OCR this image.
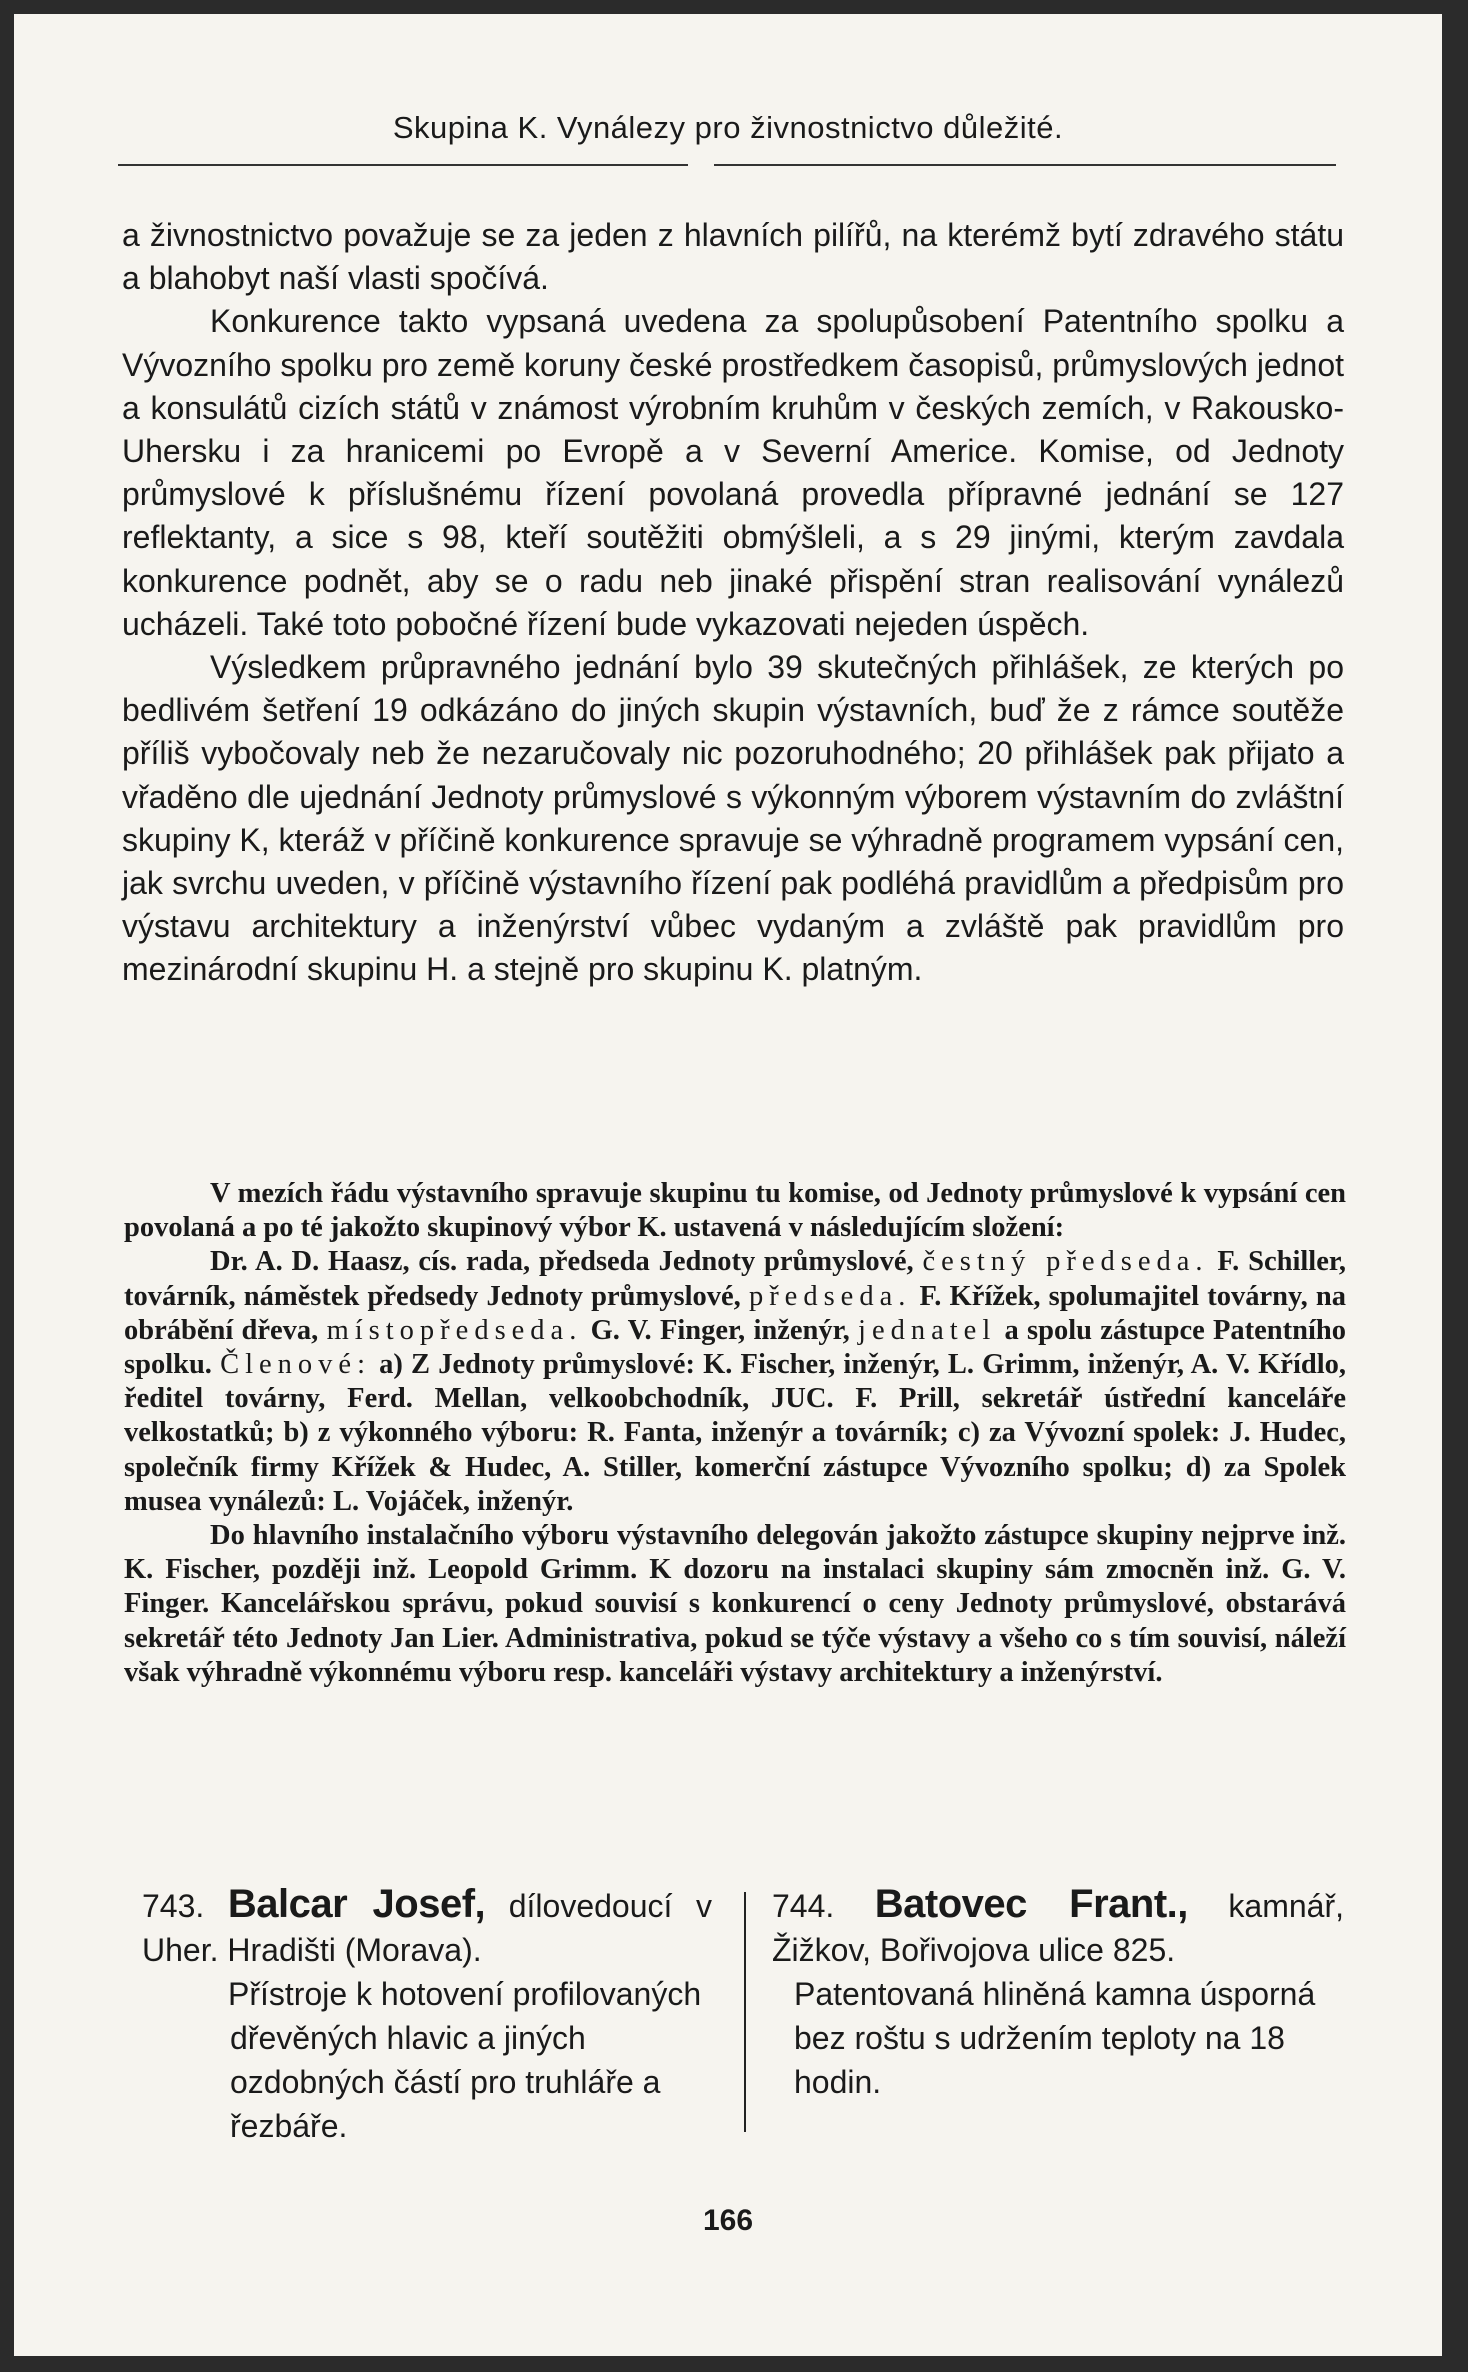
Skupina K. Vynálezy pro živnostnictvo důležité.

a živnostnictvo považuje se za jeden z hlavních pilířů, na kterémž bytí zdravého státu a blahobyt naší vlasti spočívá.

Konkurence takto vypsaná uvedena za spolupůsobení Patentního spolku a Vývozního spolku pro země koruny české prostředkem časopisů, průmyslových jednot a konsulátů cizích států v známost výrobním kruhům v českých zemích, v Rakousko- Uhersku i za hranicemi po Evropě a v Severní Americe. Komise, od Jednoty průmyslové k příslušnému řízení povolaná provedla přípravné jednání se 127 reflektanty, a sice s 98, kteří soutěžiti obmýšleli, a s 29 jinými, kterým zavdala konkurence podnět, aby se o radu neb jinaké přispění stran realisování vynálezů ucházeli. Také toto pobočné řízení bude vykazovati nejeden úspěch.

Výsledkem průpravného jednání bylo 39 skutečných přihlášek, ze kterých po bedlivém šetření 19 odkázáno do jiných skupin výstavních, buď že z rámce soutěže příliš vybočovaly neb že nezaručovaly nic pozoruhodného; 20 přihlášek pak přijato a vřaděno dle ujednání Jednoty průmyslové s výkonným výborem výstavním do zvláštní skupiny K, kteráž v příčině konkurence spravuje se výhradně programem vypsání cen, jak svrchu uveden, v příčině výstavního řízení pak podléhá pravidlům a předpisům pro výstavu architektury a inženýrství vůbec vydaným a zvláště pak pravidlům pro mezinárodní skupinu H. a stejně pro skupinu K. platným.

V mezích řádu výstavního spravuje skupinu tu komise, od Jednoty průmyslové k vypsání cen povolaná a po té jakožto skupinový výbor K. ustavená v následujícím složení:

Dr. A. D. Haasz, cís. rada, předseda Jednoty průmyslové, čestný předseda. F. Schiller, továrník, náměstek předsedy Jednoty průmyslové, předseda. F. Křížek, spolumajitel továrny, na obrábění dřeva, místopředseda. G. V. Finger, inženýr, jednatel a spolu zástupce Patentního spolku. Členové: a) Z Jednoty průmyslové: K. Fischer, inženýr, L. Grimm, inženýr, A. V. Křídlo, ředitel továrny, Ferd. Mellan, velkoobchodník, JUC. F. Prill, sekretář ústřední kanceláře velkostatků; b) z výkonného výboru: R. Fanta, inženýr a továrník; c) za Vývozní spolek: J. Hudec, společník firmy Křížek & Hudec, A. Stiller, komerční zástupce Vývozního spolku; d) za Spolek musea vynálezů: L. Vojáček, inženýr.

Do hlavního instalačního výboru výstavního delegován jakožto zástupce skupiny nejprve inž. K. Fischer, později inž. Leopold Grimm. K dozoru na instalaci skupiny sám zmocněn inž. G. V. Finger. Kancelářskou správu, pokud souvisí s konkurencí o ceny Jednoty průmyslové, obstarává sekretář této Jednoty Jan Lier. Administrativa, pokud se týče výstavy a všeho co s tím souvisí, náleží však výhradně výkonnému výboru resp. kanceláři výstavy architektury a inženýrství.

743. Balcar Josef, dílovedoucí v Uher. Hradišti (Morava).
Přístroje k hotovení profilovaných dřevěných hlavic a jiných ozdobných částí pro truhláře a řezbáře.
744. Batovec Frant., kamnář, Žižkov, Bořivojova ulice 825.
Patentovaná hliněná kamna úsporná bez roštu s udržením teploty na 18 hodin.
166
